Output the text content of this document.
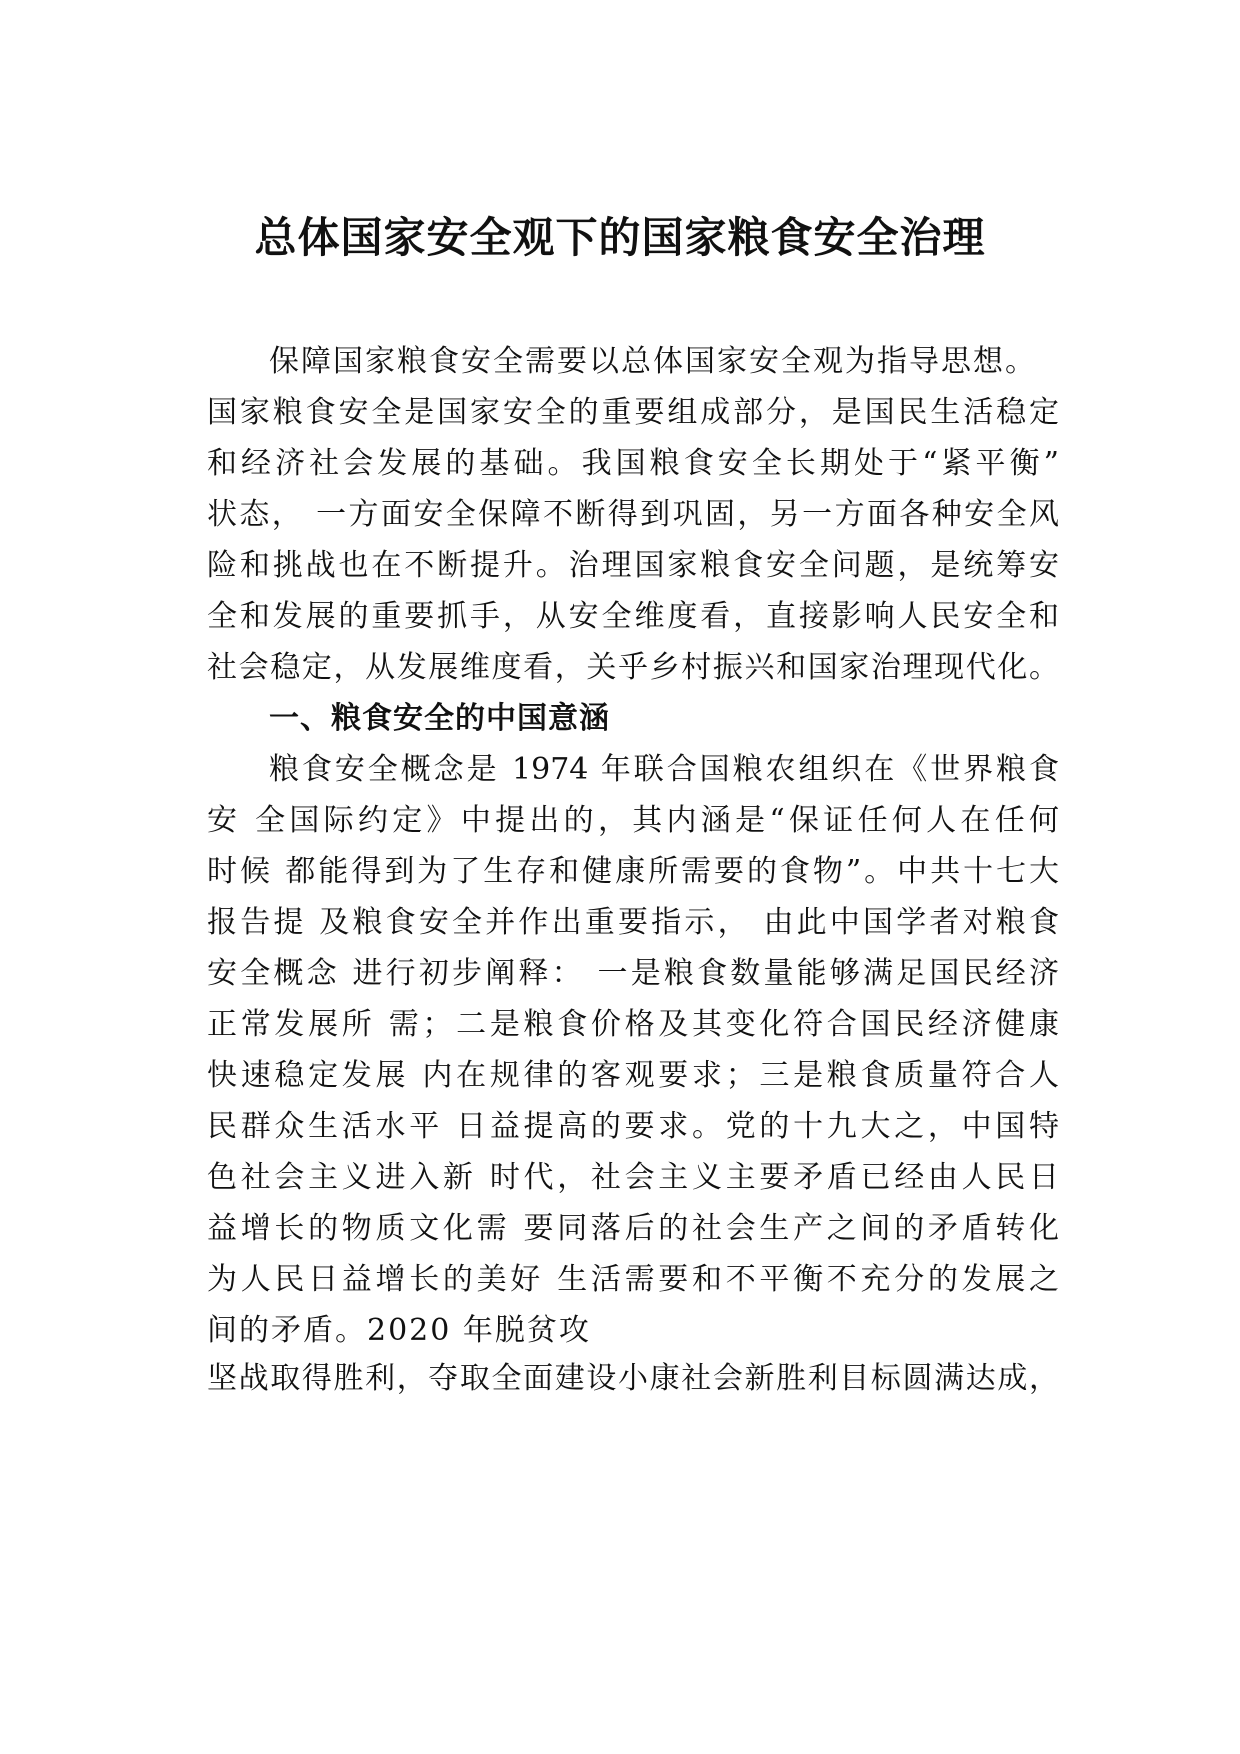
总体国家安全观下的国家粮食安全治理
保障国家粮食安全需要以总体国家安全观为指导思想。
国家粮食安全是国家安全的重要组成部分，是国民生活稳定
和经济社会发展的基础。我国粮食安全长期处于“紧平衡”
状态， 一方面安全保障不断得到巩固，另一方面各种安全风
险和挑战也在不断提升。治理国家粮食安全问题，是统筹安
全和发展的重要抓手，从安全维度看，直接影响人民安全和
社会稳定，从发展维度看，关乎乡村振兴和国家治理现代化。
一、粮食安全的中国意涵
粮食安全概念是 1974 年联合国粮农组织在《世界粮食
安 全国际约定》中提出的，其内涵是“保证任何人在任何
时候 都能得到为了生存和健康所需要的食物”。中共十七大
报告提 及粮食安全并作出重要指示， 由此中国学者对粮食
安全概念 进行初步阐释： 一是粮食数量能够满足国民经济
正常发展所 需；二是粮食价格及其变化符合国民经济健康
快速稳定发展 内在规律的客观要求；三是粮食质量符合人
民群众生活水平 日益提高的要求。党的十九大之，中国特
色社会主义进入新 时代，社会主义主要矛盾已经由人民日
益增长的物质文化需 要同落后的社会生产之间的矛盾转化
为人民日益增长的美好 生活需要和不平衡不充分的发展之
间的矛盾。2020 年脱贫攻
坚战取得胜利，夺取全面建设小康社会新胜利目标圆满达成，
